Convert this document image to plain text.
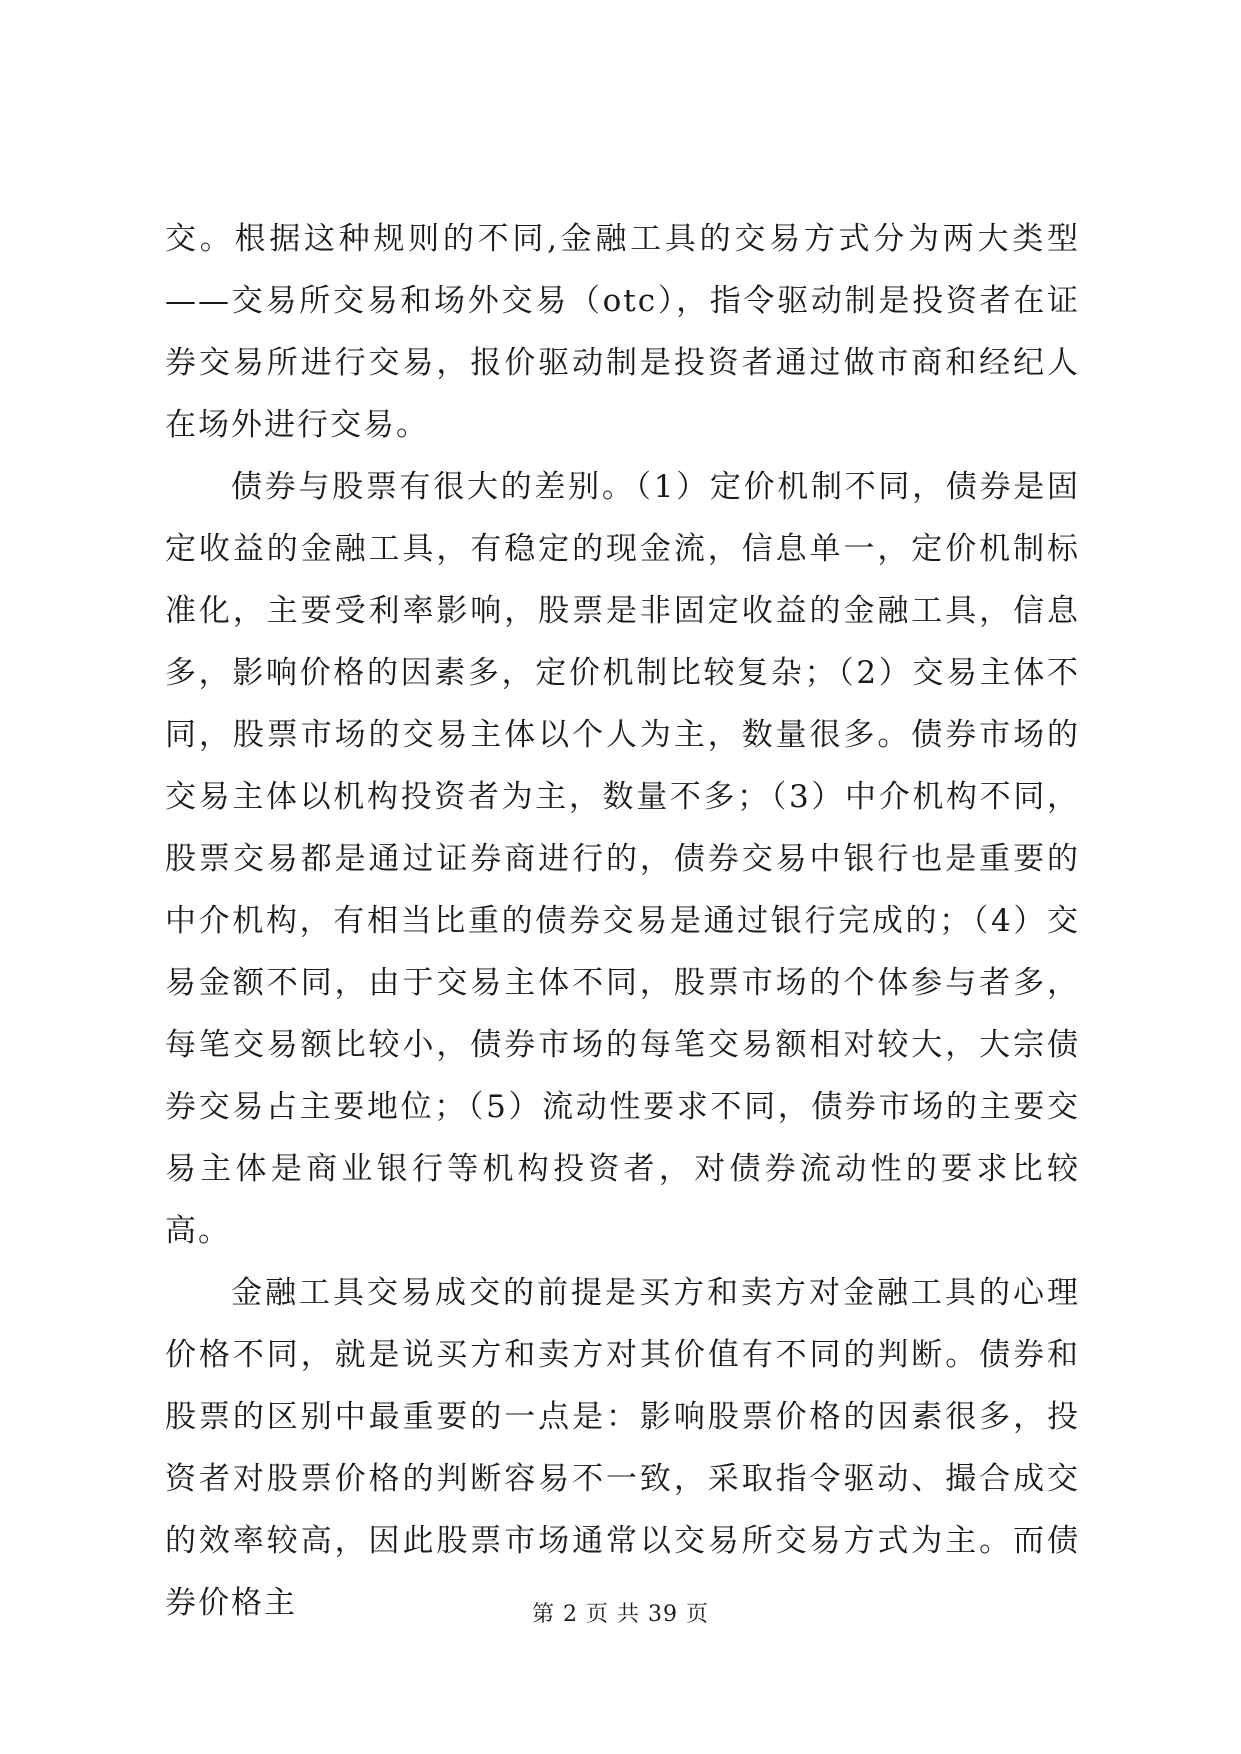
交。根据这种规则的不同,金融工具的交易方式分为两大类型——交易所交易和场外交易（otc），指令驱动制是投资者在证券交易所进行交易，报价驱动制是投资者通过做市商和经纪人在场外进行交易。

债券与股票有很大的差别。（1）定价机制不同，债券是固定收益的金融工具，有稳定的现金流，信息单一，定价机制标准化，主要受利率影响，股票是非固定收益的金融工具，信息多，影响价格的因素多，定价机制比较复杂；（2）交易主体不同，股票市场的交易主体以个人为主，数量很多。债券市场的交易主体以机构投资者为主，数量不多；（3）中介机构不同，股票交易都是通过证券商进行的，债券交易中银行也是重要的中介机构，有相当比重的债券交易是通过银行完成的；（4）交易金额不同，由于交易主体不同，股票市场的个体参与者多，每笔交易额比较小，债券市场的每笔交易额相对较大，大宗债券交易占主要地位；（5）流动性要求不同，债券市场的主要交易主体是商业银行等机构投资者，对债券流动性的要求比较高。

金融工具交易成交的前提是买方和卖方对金融工具的心理价格不同，就是说买方和卖方对其价值有不同的判断。债券和股票的区别中最重要的一点是：影响股票价格的因素很多，投资者对股票价格的判断容易不一致，采取指令驱动、撮合成交的效率较高，因此股票市场通常以交易所交易方式为主。而债券价格主	第 2 页 共 39 页
